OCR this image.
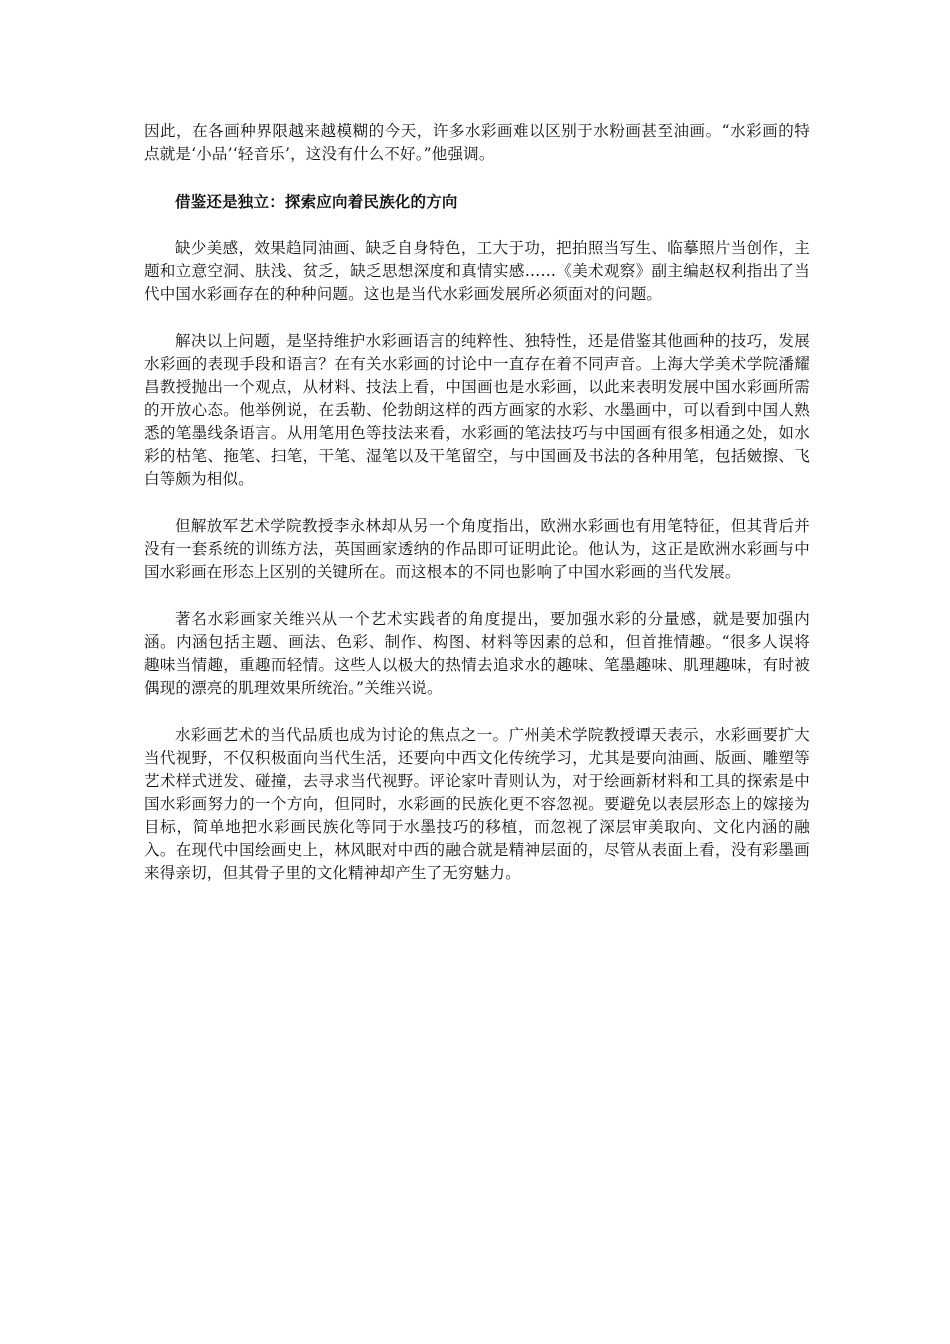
因此，在各画种界限越来越模糊的今天，许多水彩画难以区别于水粉画甚至油画。“水彩画的特点就是‘小品’‘轻音乐’，这没有什么不好。”他强调。

借鉴还是独立：探索应向着民族化的方向

缺少美感，效果趋同油画、缺乏自身特色，工大于功，把拍照当写生、临摹照片当创作，主题和立意空洞、肤浅、贫乏，缺乏思想深度和真情实感……《美术观察》副主编赵权利指出了当代中国水彩画存在的种种问题。这也是当代水彩画发展所必须面对的问题。

解决以上问题，是坚持维护水彩画语言的纯粹性、独特性，还是借鉴其他画种的技巧，发展水彩画的表现手段和语言？在有关水彩画的讨论中一直存在着不同声音。上海大学美术学院潘耀昌教授抛出一个观点，从材料、技法上看，中国画也是水彩画，以此来表明发展中国水彩画所需的开放心态。他举例说，在丢勒、伦勃朗这样的西方画家的水彩、水墨画中，可以看到中国人熟悉的笔墨线条语言。从用笔用色等技法来看，水彩画的笔法技巧与中国画有很多相通之处，如水彩的枯笔、拖笔、扫笔，干笔、湿笔以及干笔留空，与中国画及书法的各种用笔，包括皴擦、飞白等颇为相似。

但解放军艺术学院教授李永林却从另一个角度指出，欧洲水彩画也有用笔特征，但其背后并没有一套系统的训练方法，英国画家透纳的作品即可证明此论。他认为，这正是欧洲水彩画与中国水彩画在形态上区别的关键所在。而这根本的不同也影响了中国水彩画的当代发展。

著名水彩画家关维兴从一个艺术实践者的角度提出，要加强水彩的分量感，就是要加强内涵。内涵包括主题、画法、色彩、制作、构图、材料等因素的总和，但首推情趣。“很多人误将趣味当情趣，重趣而轻情。这些人以极大的热情去追求水的趣味、笔墨趣味、肌理趣味，有时被偶现的漂亮的肌理效果所统治。”关维兴说。

水彩画艺术的当代品质也成为讨论的焦点之一。广州美术学院教授谭天表示，水彩画要扩大当代视野，不仅积极面向当代生活，还要向中西文化传统学习，尤其是要向油画、版画、雕塑等艺术样式迸发、碰撞，去寻求当代视野。评论家叶青则认为，对于绘画新材料和工具的探索是中国水彩画努力的一个方向，但同时，水彩画的民族化更不容忽视。要避免以表层形态上的嫁接为目标，简单地把水彩画民族化等同于水墨技巧的移植，而忽视了深层审美取向、文化内涵的融入。在现代中国绘画史上，林风眠对中西的融合就是精神层面的，尽管从表面上看，没有彩墨画来得亲切，但其骨子里的文化精神却产生了无穷魅力。
